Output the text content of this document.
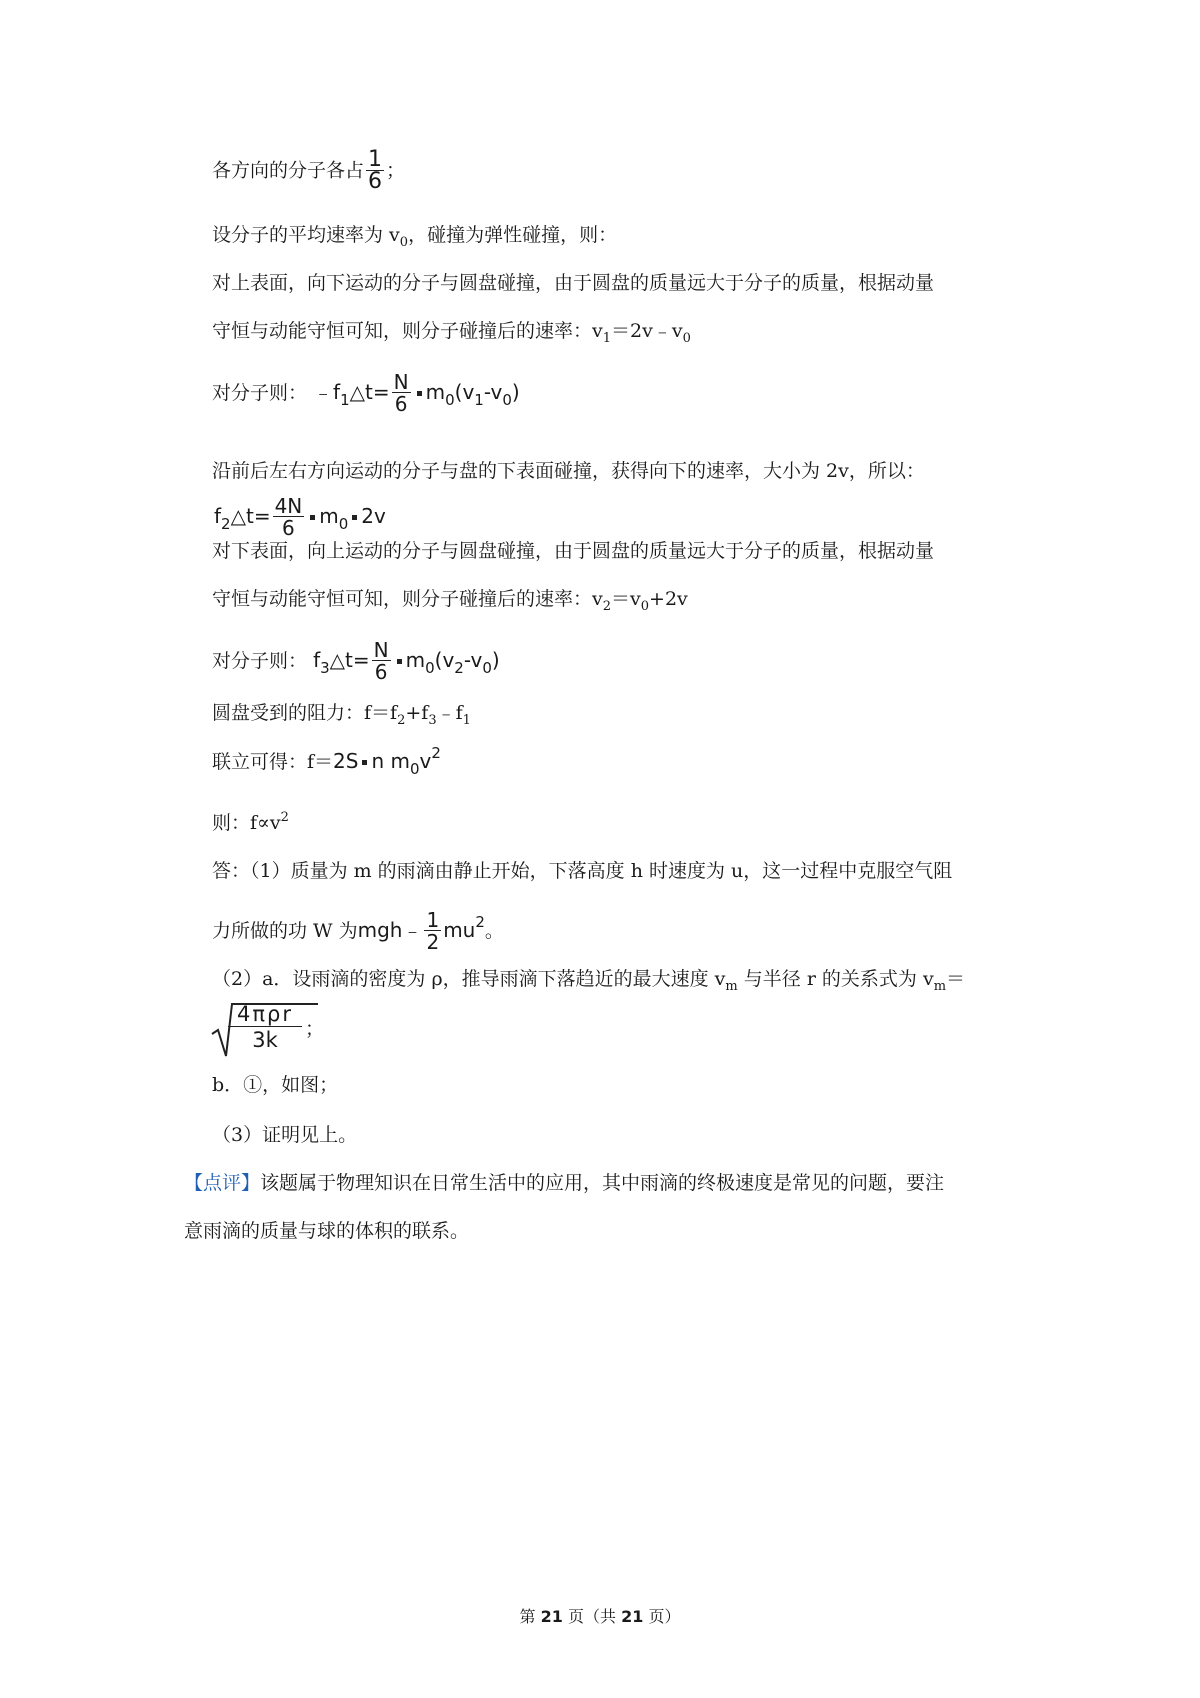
各方向的分子各占 $\frac{1}{6}$ ；
设分子的平均速率为 $v_0$，碰撞为弹性碰撞，则：
对上表面，向下运动的分子与圆盘碰撞，由于圆盘的质量远大于分子的质量，根据动量
守恒与动能守恒可知，则分子碰撞后的速率：$v_1=2v﹣v_0$
对分子则： $﹣f_1\triangle t= \frac{N}{6} m_0(v_1-v_0)$
沿前后左右方向运动的分子与盘的下表面碰撞，获得向下的速率，大小为 2v，所以：
$f_2\triangle t= \frac{4N}{6} m_0$ 2v
对下表面，向上运动的分子与圆盘碰撞，由于圆盘的质量远大于分子的质量，根据动量
守恒与动能守恒可知，则分子碰撞后的速率：$v_2=v_0+2v$
对分子则： $f_3\triangle t= \frac{N}{6} m_0(v_2-v_0)$
圆盘受到的阻力：$f=f_2+f_3﹣f_1$
联立可得：f＝2S n $m_0v^2$
则：$f\propto v^2$
答：（1）质量为 m 的雨滴由静止开始，下落高度 h 时速度为 u，这一过程中克服空气阻
力所做的功 W 为mgh﹣ $\frac{1}{2} mu^2$。
（2）a．设雨滴的密度为 ρ，推导雨滴下落趋近的最大速度 $v_m$ 与半径 r 的关系式为 $v_m=$
4πρr
3k	；
b．①，如图；
（3）证明见上。
【点评】该题属于物理知识在日常生活中的应用，其中雨滴的终极速度是常见的问题，要注
意雨滴的质量与球的体积的联系。
第 21 页（共 21 页）
